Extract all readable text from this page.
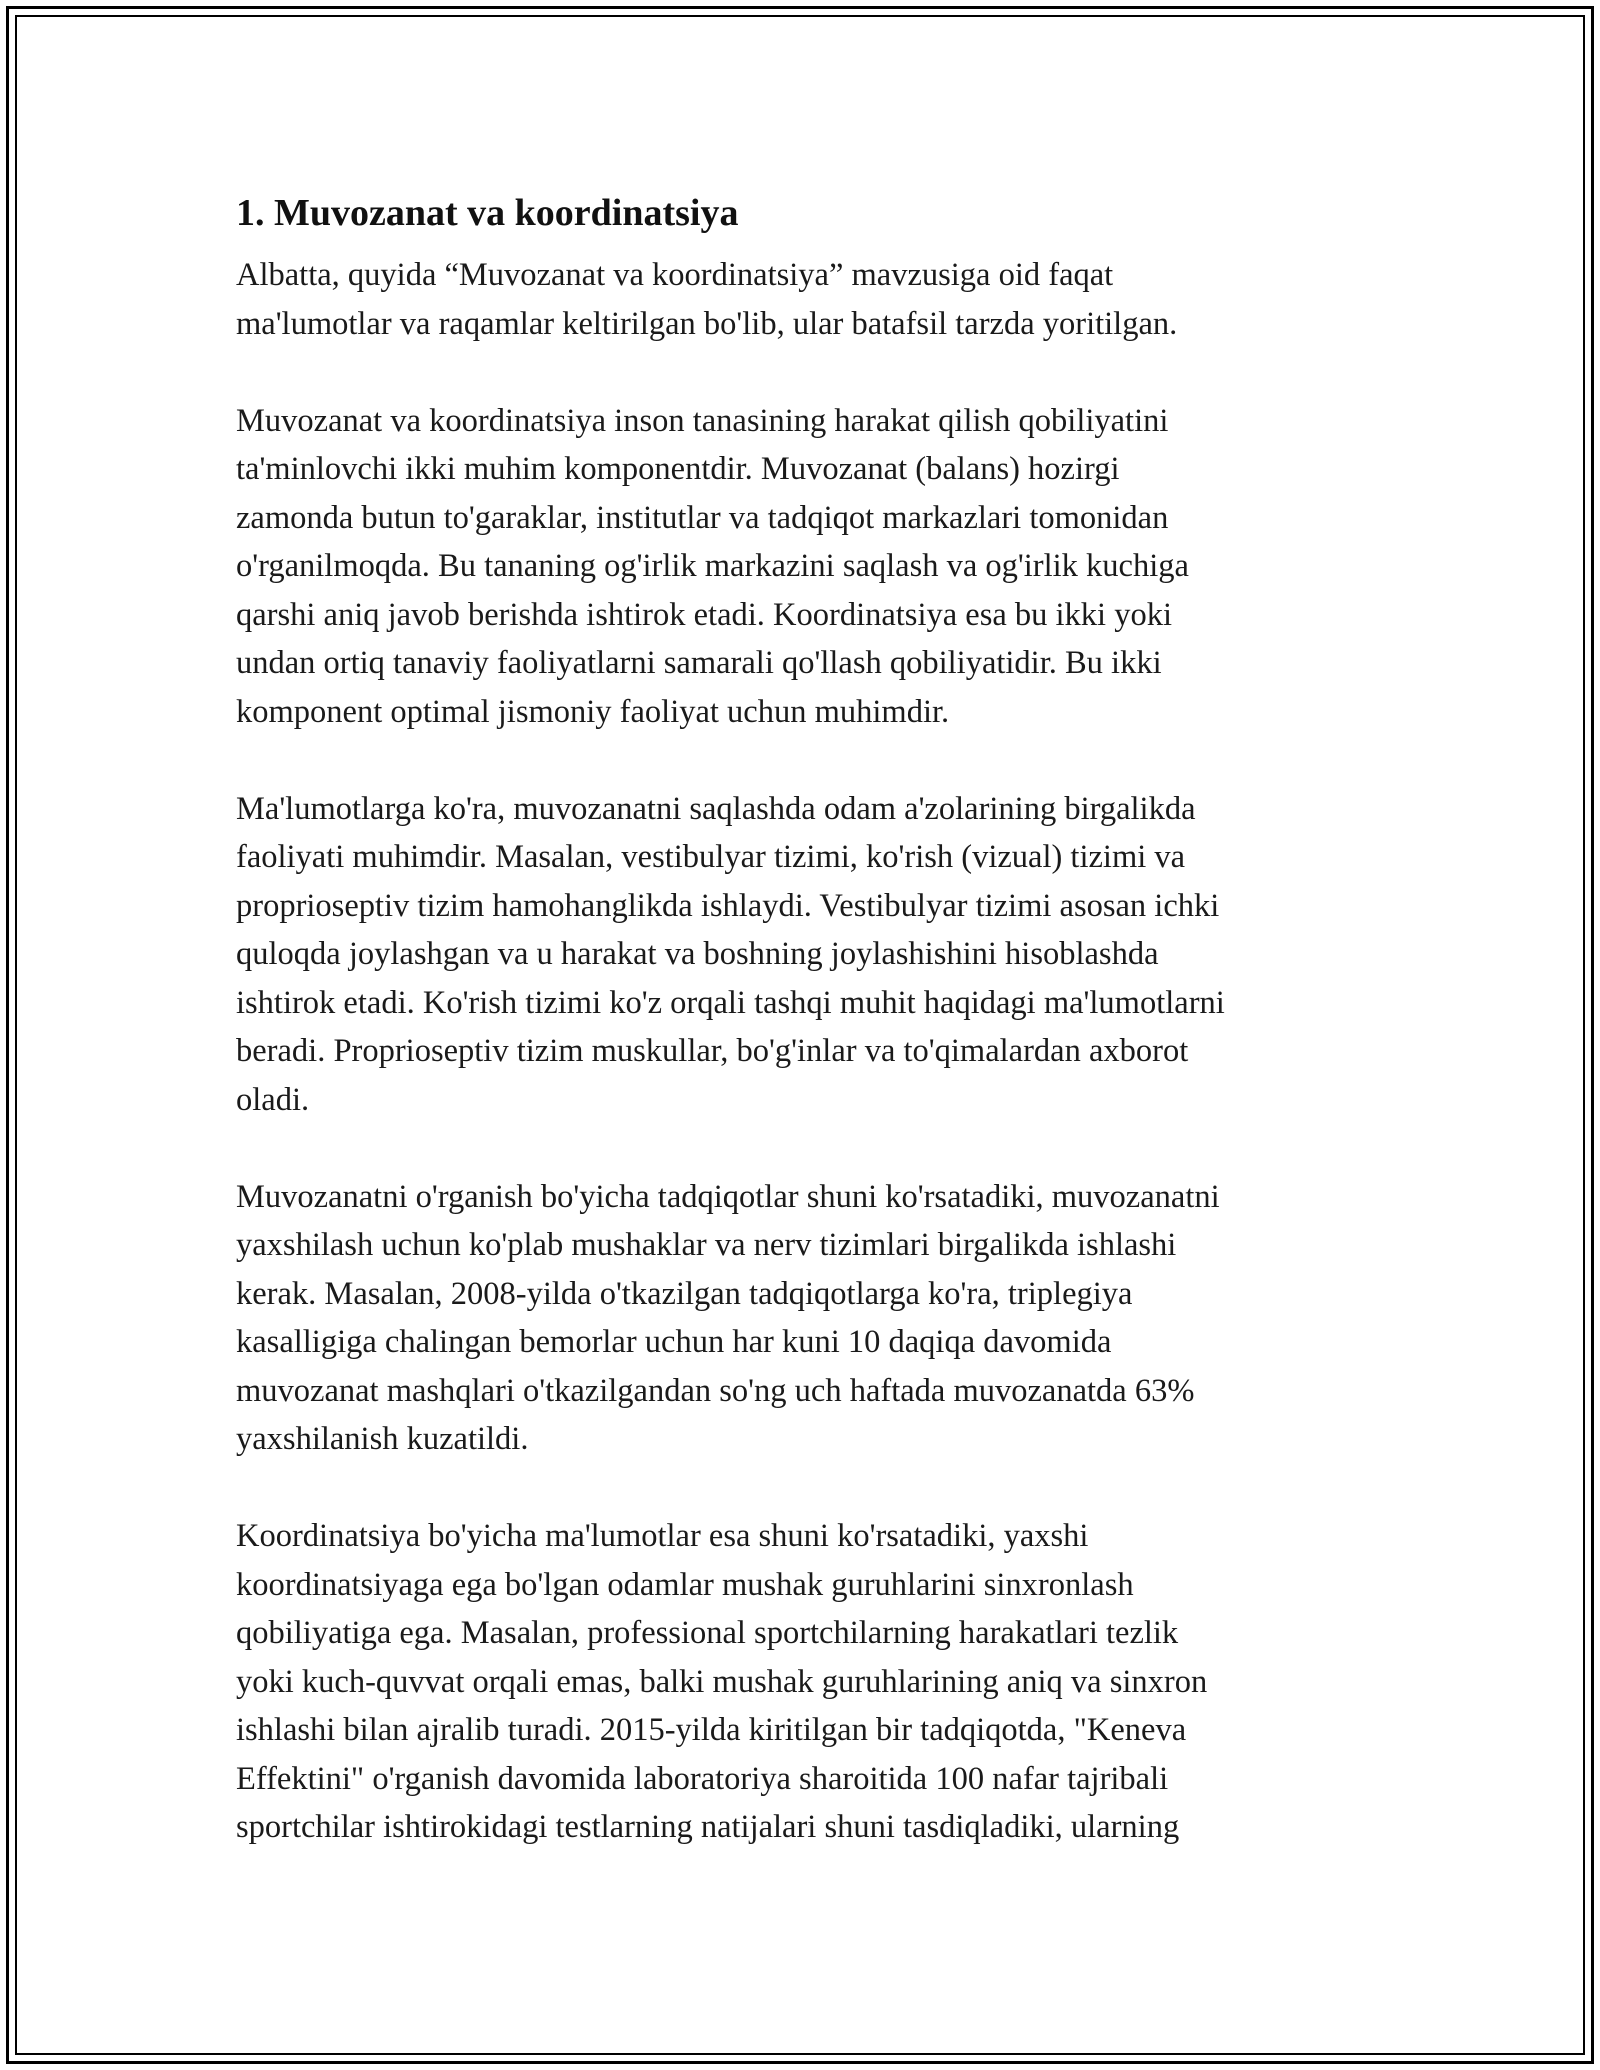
1. Muvozanat va koordinatsiya

Albatta, quyida “Muvozanat va koordinatsiya” mavzusiga oid faqat
ma'lumotlar va raqamlar keltirilgan bo'lib, ular batafsil tarzda yoritilgan.

Muvozanat va koordinatsiya inson tanasining harakat qilish qobiliyatini
ta'minlovchi ikki muhim komponentdir. Muvozanat (balans) hozirgi
zamonda butun to'garaklar, institutlar va tadqiqot markazlari tomonidan
o'rganilmoqda. Bu tananing og'irlik markazini saqlash va og'irlik kuchiga
qarshi aniq javob berishda ishtirok etadi. Koordinatsiya esa bu ikki yoki
undan ortiq tanaviy faoliyatlarni samarali qo'llash qobiliyatidir. Bu ikki
komponent optimal jismoniy faoliyat uchun muhimdir.

Ma'lumotlarga ko'ra, muvozanatni saqlashda odam a'zolarining birgalikda
faoliyati muhimdir. Masalan, vestibulyar tizimi, ko'rish (vizual) tizimi va
proprioseptiv tizim hamohanglikda ishlaydi. Vestibulyar tizimi asosan ichki
quloqda joylashgan va u harakat va boshning joylashishini hisoblashda
ishtirok etadi. Ko'rish tizimi ko'z orqali tashqi muhit haqidagi ma'lumotlarni
beradi. Proprioseptiv tizim muskullar, bo'g'inlar va to'qimalardan axborot
oladi.

Muvozanatni o'rganish bo'yicha tadqiqotlar shuni ko'rsatadiki, muvozanatni
yaxshilash uchun ko'plab mushaklar va nerv tizimlari birgalikda ishlashi
kerak. Masalan, 2008-yilda o'tkazilgan tadqiqotlarga ko'ra, triplegiya
kasalligiga chalingan bemorlar uchun har kuni 10 daqiqa davomida
muvozanat mashqlari o'tkazilgandan so'ng uch haftada muvozanatda 63%
yaxshilanish kuzatildi.

Koordinatsiya bo'yicha ma'lumotlar esa shuni ko'rsatadiki, yaxshi
koordinatsiyaga ega bo'lgan odamlar mushak guruhlarini sinxronlash
qobiliyatiga ega. Masalan, professional sportchilarning harakatlari tezlik
yoki kuch-quvvat orqali emas, balki mushak guruhlarining aniq va sinxron
ishlashi bilan ajralib turadi. 2015-yilda kiritilgan bir tadqiqotda, "Keneva
Effektini" o'rganish davomida laboratoriya sharoitida 100 nafar tajribali
sportchilar ishtirokidagi testlarning natijalari shuni tasdiqladiki, ularning
